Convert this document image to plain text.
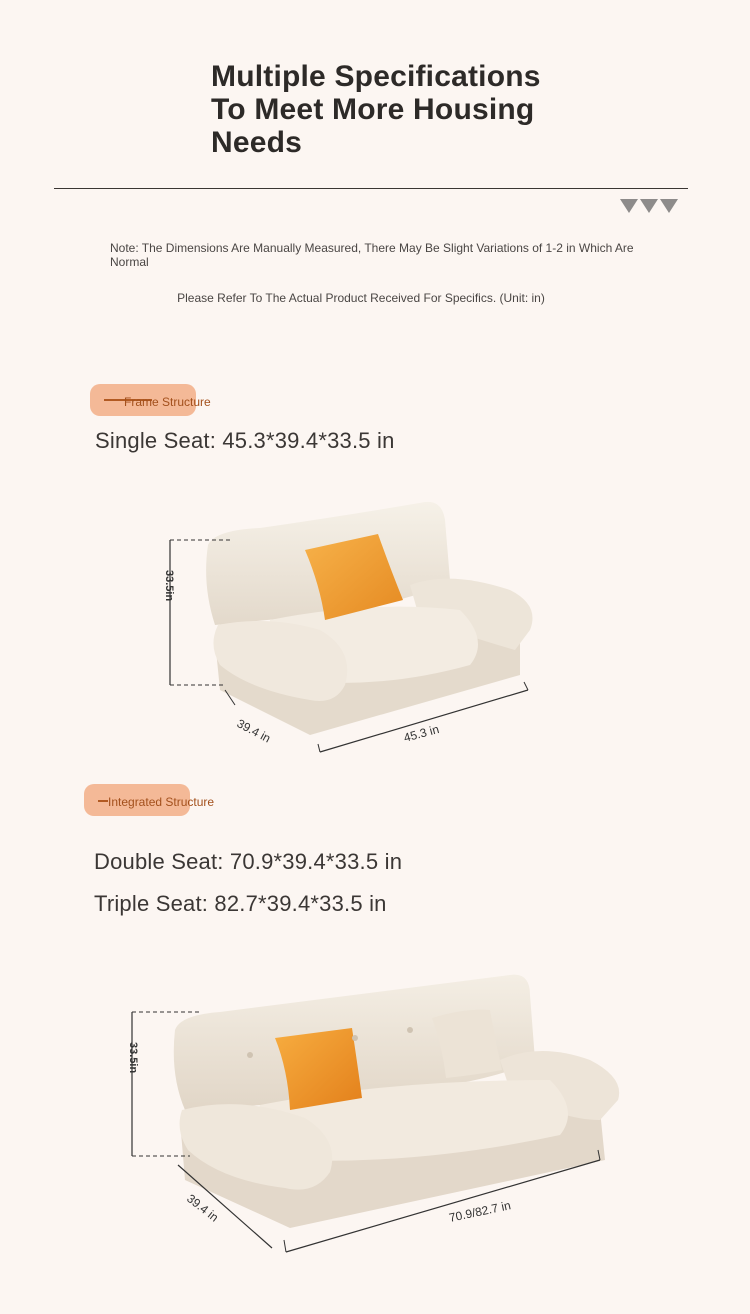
Multiple Specifications
To Meet More Housing
Needs
Note: The Dimensions Are Manually Measured, There May Be Slight Variations of 1-2 in Which Are Normal
Please Refer To The Actual Product Received For Specifics. (Unit: in)
Frame Structure
Single Seat: 45.3*39.4*33.5 in
33.5in
39.4 in	45.3 in
Integrated Structure
Double Seat: 70.9*39.4*33.5 in
Triple Seat: 82.7*39.4*33.5 in
33.5in
39.4 in	70.9/82.7 in
